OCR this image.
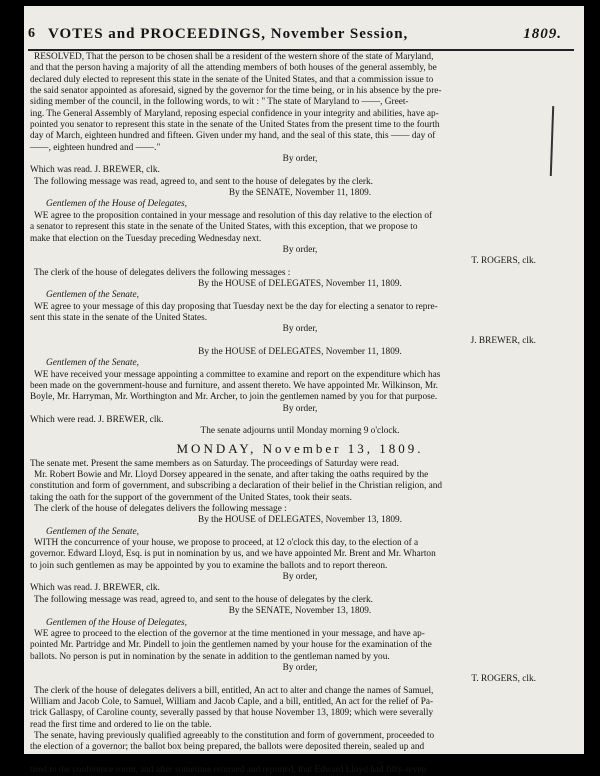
6 VOTES and PROCEEDINGS, November Session,	1809.
RESOLVED, That the person to be chosen shall be a resident of the western shore of the state of Maryland,
and that the person having a majority of all the attending members of both houses of the general assembly, be
declared duly elected to represent this state in the senate of the United States, and that a commission issue to
the said senator appointed as aforesaid, signed by the governor for the time being, or in his absence by the pre-
siding member of the council, in the following words, to wit : " The state of Maryland to ——, Greet-
ing. The General Assembly of Maryland, reposing especial confidence in your integrity and abilities, have ap-
pointed you senator to represent this state in the senate of the United States from the present time to the fourth
day of March, eighteen hundred and fifteen. Given under my hand, and the seal of this state, this —— day of
——, eighteen hundred and ——."
By order,
Which was read. J. BREWER, clk.
The following message was read, agreed to, and sent to the house of delegates by the clerk.
By the SENATE, November 11, 1809.
Gentlemen of the House of Delegates,
WE agree to the proposition contained in your message and resolution of this day relative to the election of
a senator to represent this state in the senate of the United States, with this exception, that we propose to
make that election on the Tuesday preceding Wednesday next.
By order,
T. ROGERS, clk.
The clerk of the house of delegates delivers the following messages :
By the HOUSE of DELEGATES, November 11, 1809.
Gentlemen of the Senate,
WE agree to your message of this day proposing that Tuesday next be the day for electing a senator to repre-
sent this state in the senate of the United States.
By order,
J. BREWER, clk.
By the HOUSE of DELEGATES, November 11, 1809.
Gentlemen of the Senate,
WE have received your message appointing a committee to examine and report on the expenditure which has
been made on the government-house and furniture, and assent thereto. We have appointed Mr. Wilkinson, Mr.
Boyle, Mr. Harryman, Mr. Worthington and Mr. Archer, to join the gentlemen named by you for that purpose.
By order,
Which were read. J. BREWER, clk.
The senate adjourns until Monday morning 9 o'clock.
MONDAY, November 13, 1809.
The senate met. Present the same members as on Saturday. The proceedings of Saturday were read.
Mr. Robert Bowie and Mr. Lloyd Dorsey appeared in the senate, and after taking the oaths required by the
constitution and form of government, and subscribing a declaration of their belief in the Christian religion, and
taking the oath for the support of the government of the United States, took their seats.
The clerk of the house of delegates delivers the following message :
By the HOUSE of DELEGATES, November 13, 1809.
Gentlemen of the Senate,
WITH the concurrence of your house, we propose to proceed, at 12 o'clock this day, to the election of a
governor. Edward Lloyd, Esq. is put in nomination by us, and we have appointed Mr. Brent and Mr. Wharton
to join such gentlemen as may be appointed by you to examine the ballots and to report thereon.
By order,
Which was read. J. BREWER, clk.
The following message was read, agreed to, and sent to the house of delegates by the clerk.
By the SENATE, November 13, 1809.
Gentlemen of the House of Delegates,
WE agree to proceed to the election of the governor at the time mentioned in your message, and have ap-
pointed Mr. Partridge and Mr. Pindell to join the gentlemen named by your house for the examination of the
ballots. No person is put in nomination by the senate in addition to the gentleman named by you.
By order,
T. ROGERS, clk.
The clerk of the house of delegates delivers a bill, entitled, An act to alter and change the names of Samuel,
William and Jacob Cole, to Samuel, William and Jacob Caple, and a bill, entitled, An act for the relief of Pa-
trick Gallaspy, of Caroline county, severally passed by that house November 13, 1809; which were severally
read the first time and ordered to lie on the table.
The senate, having previously qualified agreeably to the constitution and form of government, proceeded to
the election of a governor; the ballot box being prepared, the ballots were deposited therein, sealed up and
tired to the conference room, and after sometime returned and reported, that Edward Lloyd had fifty-seven
